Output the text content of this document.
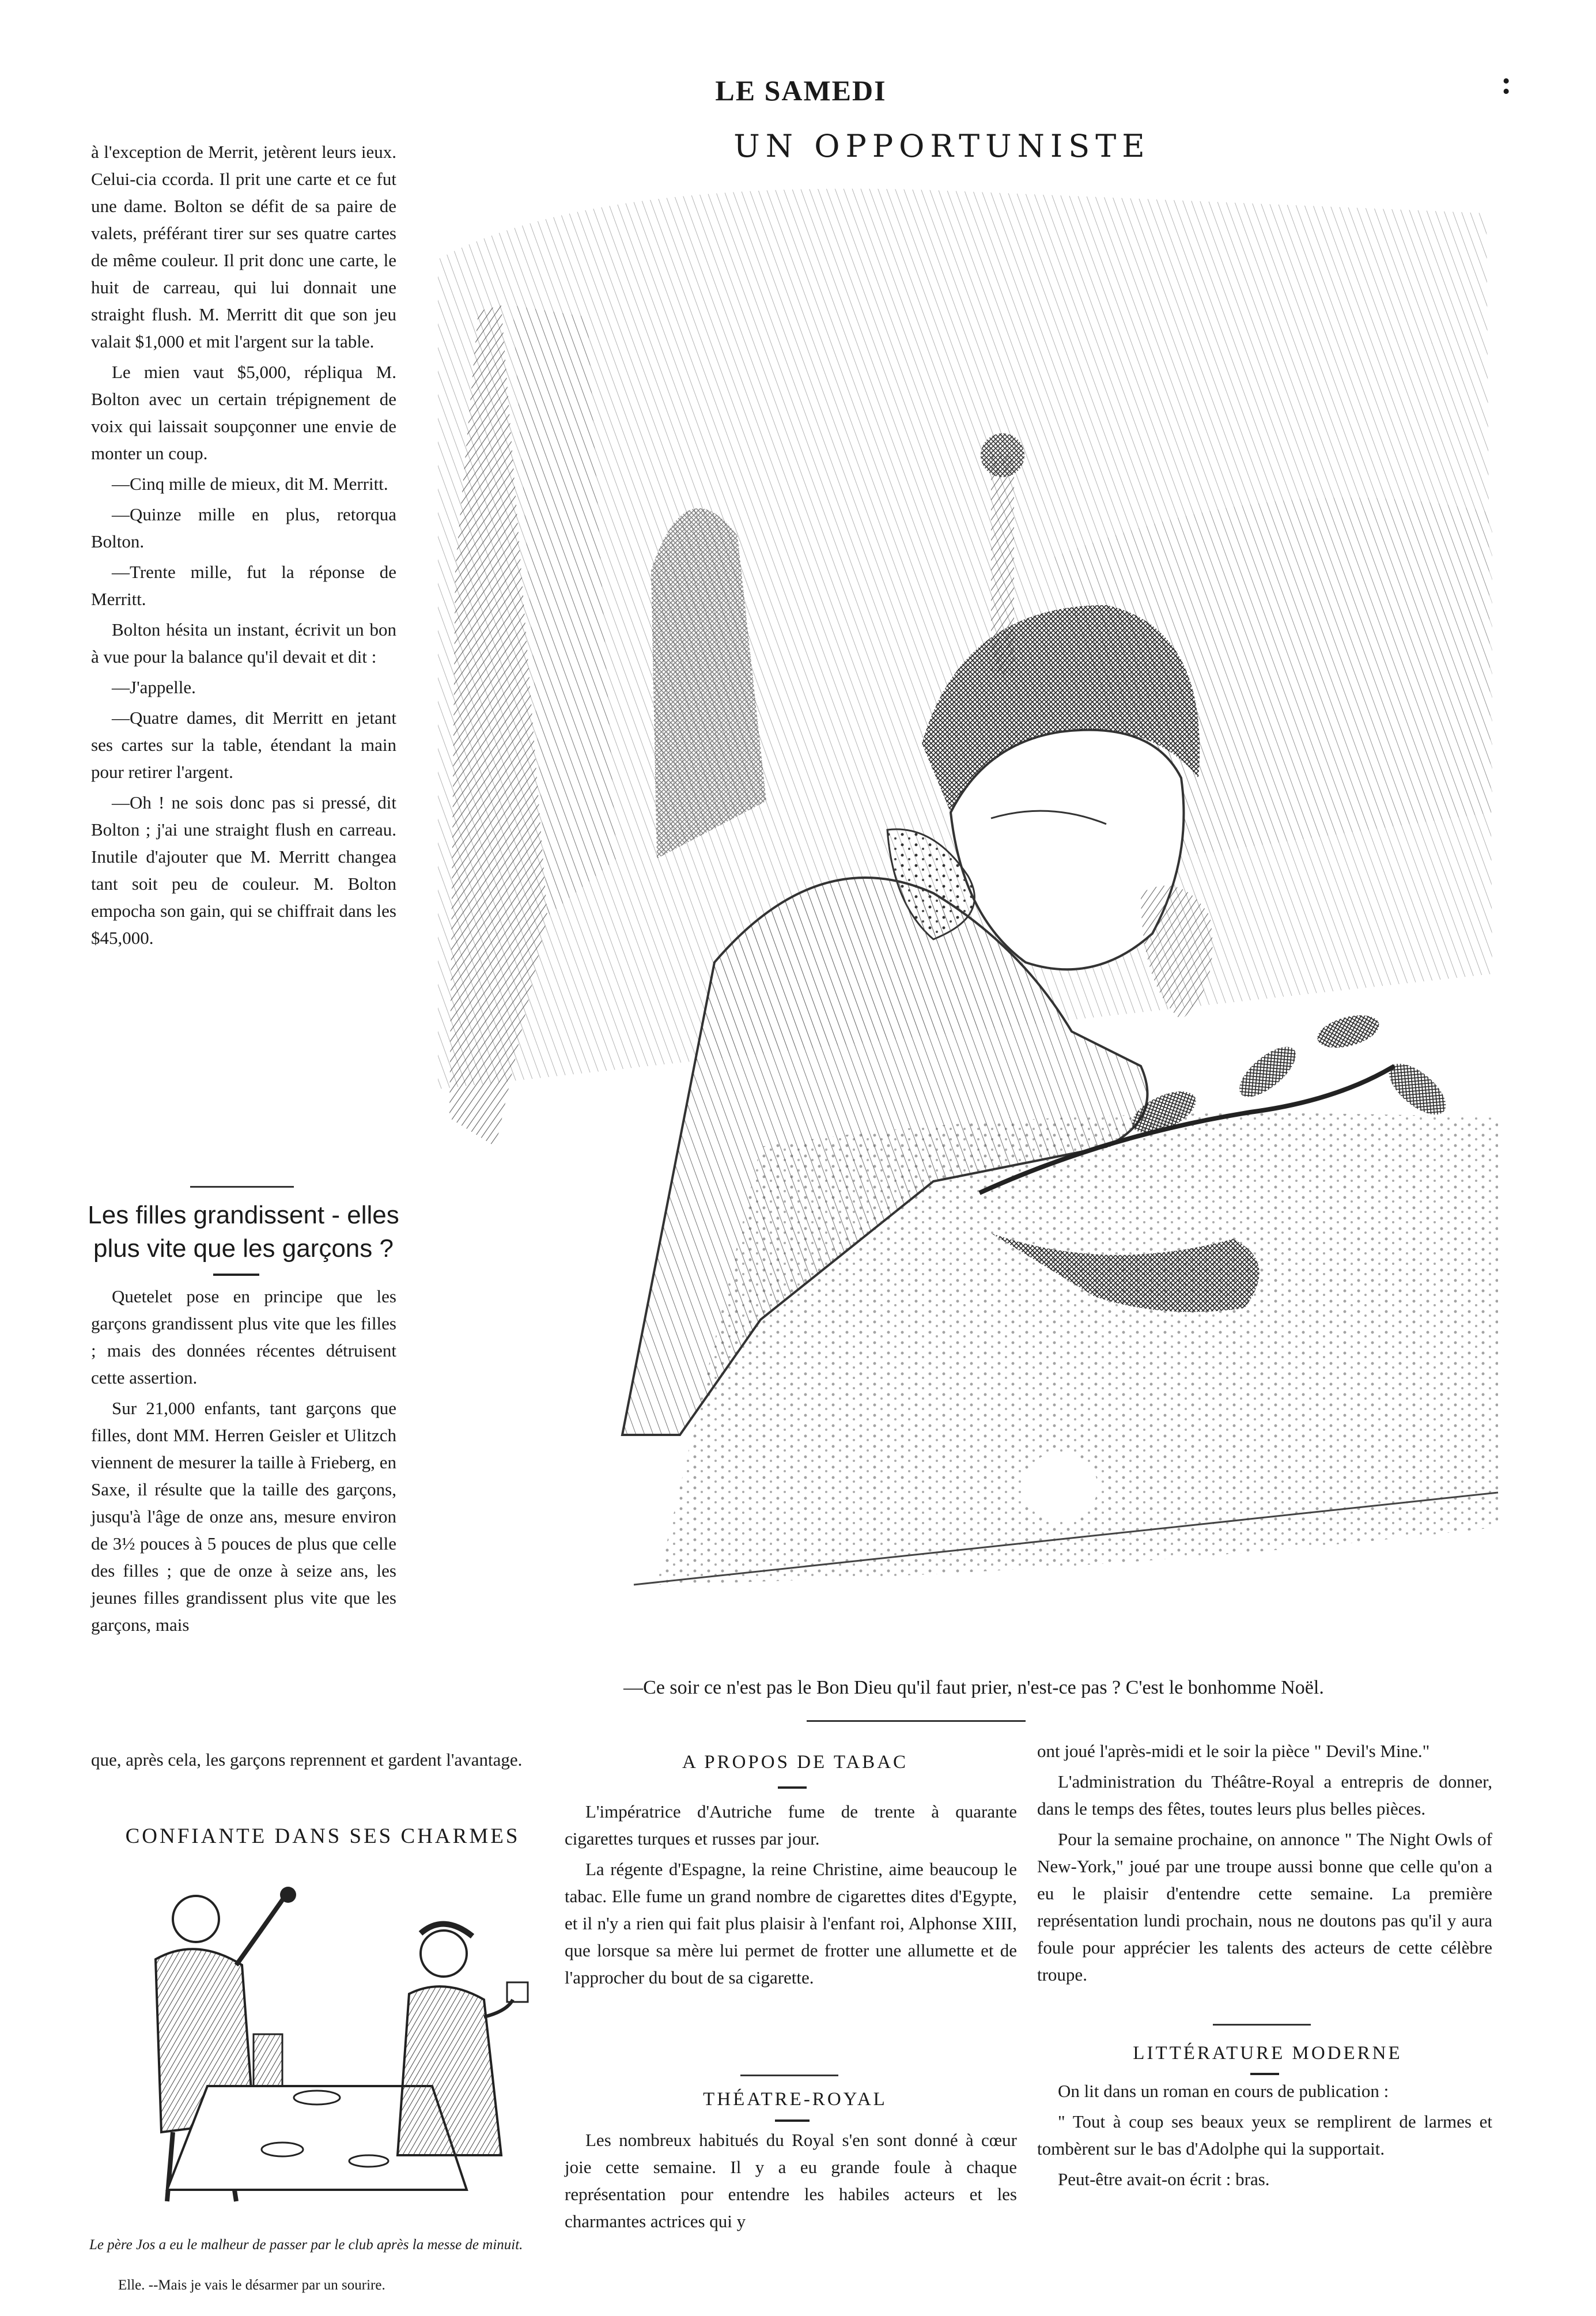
LE SAMEDI	:
UN OPPORTUNISTE

à l'exception de Merrit, jetèrent leurs ieux. Celui-cia ccorda. Il prit une carte et ce fut une dame. Bolton se défit de sa paire de valets, préférant tirer sur ses quatre cartes de même couleur. Il prit donc une carte, le huit de carreau, qui lui donnait une straight flush. M. Merritt dit que son jeu valait $1,000 et mit l'argent sur la table.

Le mien vaut $5,000, répliqua M. Bolton avec un certain trépignement de voix qui laissait soupçonner une envie de monter un coup.

—Cinq mille de mieux, dit M. Merritt.

—Quinze mille en plus, retorqua Bolton.

—Trente mille, fut la réponse de Merritt.

Bolton hésita un instant, écrivit un bon à vue pour la balance qu'il devait et dit :

—J'appelle.

—Quatre dames, dit Merritt en jetant ses cartes sur la table, étendant la main pour retirer l'argent.

—Oh ! ne sois donc pas si pressé, dit Bolton ; j'ai une straight flush en carreau. Inutile d'ajouter que M. Merritt changea tant soit peu de couleur. M. Bolton empocha son gain, qui se chiffrait dans les $45,000.

Les filles grandissent - elles plus vite que les garçons ?

Quetelet pose en principe que les garçons grandissent plus vite que les filles ; mais des données récentes détruisent cette assertion.

Sur 21,000 enfants, tant garçons que filles, dont MM. Herren Geisler et Ulitzch viennent de mesurer la taille à Frieberg, en Saxe, il résulte que la taille des garçons, jusqu'à l'âge de onze ans, mesure environ de 3½ pouces à 5 pouces de plus que celle des filles ; que de onze à seize ans, les jeunes filles grandissent plus vite que les garçons, mais

que, après cela, les garçons reprennent et gardent l'avantage.

—Ce soir ce n'est pas le Bon Dieu qu'il faut prier, n'est-ce pas ? C'est le bonhomme Noël.
CONFIANTE DANS SES CHARMES
Le père Jos a eu le malheur de passer par le club après la messe de minuit.
Elle. --Mais je vais le désarmer par un sourire.
A PROPOS DE TABAC

L'impératrice d'Autriche fume de trente à quarante cigarettes turques et russes par jour.

La régente d'Espagne, la reine Christine, aime beaucoup le tabac. Elle fume un grand nombre de cigarettes dites d'Egypte, et il n'y a rien qui fait plus plaisir à l'enfant roi, Alphonse XIII, que lorsque sa mère lui permet de frotter une allumette et de l'approcher du bout de sa cigarette.

THÉATRE-ROYAL

Les nombreux habitués du Royal s'en sont donné à cœur joie cette semaine. Il y a eu grande foule à chaque représentation pour entendre les habiles acteurs et les charmantes actrices qui y

ont joué l'après-midi et le soir la pièce " Devil's Mine."

L'administration du Théâtre-Royal a entrepris de donner, dans le temps des fêtes, toutes leurs plus belles pièces.

Pour la semaine prochaine, on annonce " The Night Owls of New-York," joué par une troupe aussi bonne que celle qu'on a eu le plaisir d'entendre cette semaine. La première représentation lundi prochain, nous ne doutons pas qu'il y aura foule pour apprécier les talents des acteurs de cette célèbre troupe.

LITTÉRATURE MODERNE

On lit dans un roman en cours de publication :

" Tout à coup ses beaux yeux se remplirent de larmes et tombèrent sur le bas d'Adolphe qui la supportait.

Peut-être avait-on écrit : bras.
